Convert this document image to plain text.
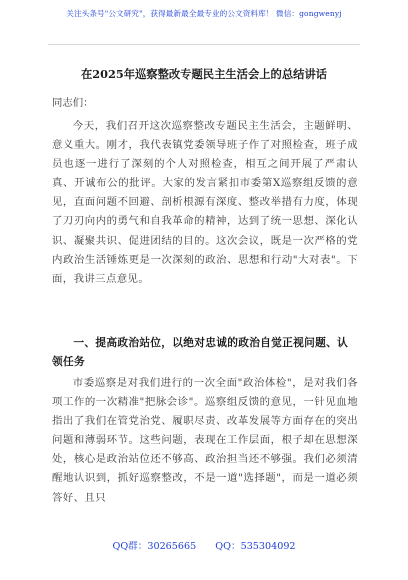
关注头条号"公文研究"，获得最新最全最专业的公文资料库！ 微信：gongwenyj
在2025年巡察整改专题民主生活会上的总结讲话
同志们：
今天，我们召开这次巡察整改专题民主生活会，主题鲜明、意义重大。刚才，我代表镇党委领导班子作了对照检查，班子成员也逐一进行了深刻的个人对照检查，相互之间开展了严肃认真、开诚布公的批评。大家的发言紧扣市委第X巡察组反馈的意见，直面问题不回避、剖析根源有深度、整改举措有力度，体现了刀刃向内的勇气和自我革命的精神，达到了统一思想、深化认识、凝聚共识、促进团结的目的。这次会议，既是一次严格的党内政治生活锤炼更是一次深刻的政治、思想和行动"大对表"。下面，我讲三点意见。
一、提高政治站位，以绝对忠诚的政治自觉正视问题、认领任务
市委巡察是对我们进行的一次全面"政治体检"，是对我们各项工作的一次精准"把脉会诊"。巡察组反馈的意见，一针见血地指出了我们在管党治党、履职尽责、改革发展等方面存在的突出问题和薄弱环节。这些问题，表现在工作层面，根子却在思想深处，核心是政治站位还不够高、政治担当还不够强。我们必须清醒地认识到，抓好巡察整改，不是一道"选择题"，而是一道必须答好、且只
QQ群：30265665 QQ：535304092
